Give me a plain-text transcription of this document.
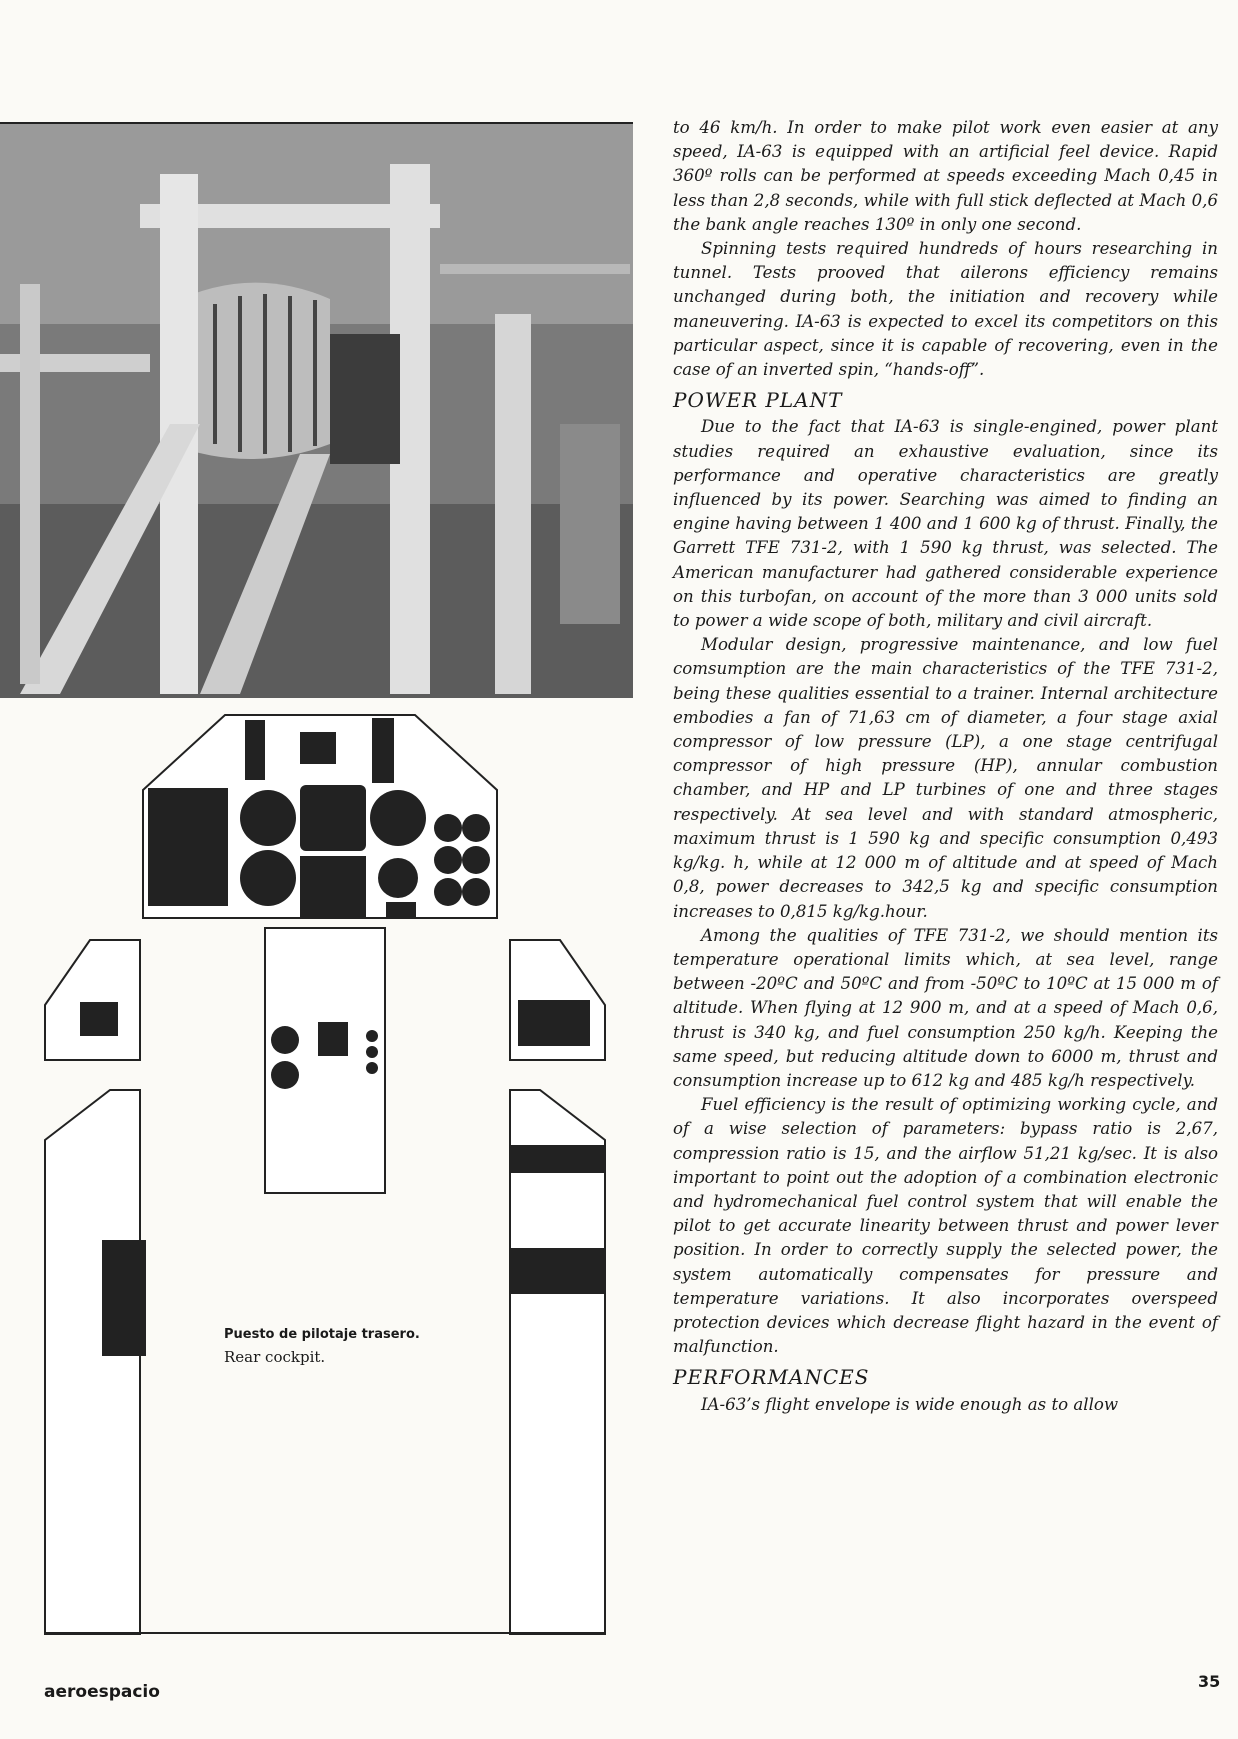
Puesto de pilotaje trasero.

Rear cockpit.

to 46 km/h. In order to make pilot work even easier at any speed, IA-63 is equipped with an artificial feel device. Rapid 360º rolls can be performed at speeds exceeding Mach 0,45 in less than 2,8 seconds, while with full stick deflected at Mach 0,6 the bank angle reaches 130º in only one second.

Spinning tests required hundreds of hours researching in tunnel. Tests prooved that ailerons efficiency remains unchanged during both, the initiation and recovery while maneuvering. IA-63 is expected to excel its competitors on this particular aspect, since it is capable of recovering, even in the case of an inverted spin, “hands-off”.

POWER PLANT

Due to the fact that IA-63 is single-engined, power plant studies required an exhaustive evaluation, since its performance and operative characteristics are greatly influenced by its power. Searching was aimed to finding an engine having between 1 400 and 1 600 kg of thrust. Finally, the Garrett TFE 731-2, with 1 590 kg thrust, was selected. The American manufacturer had gathered considerable experience on this turbofan, on account of the more than 3 000 units sold to power a wide scope of both, military and civil aircraft.

Modular design, progressive maintenance, and low fuel comsumption are the main characteristics of the TFE 731-2, being these qualities essential to a trainer. Internal architecture embodies a fan of 71,63 cm of diameter, a four stage axial compressor of low pressure (LP), a one stage centrifugal compressor of high pressure (HP), annular combustion chamber, and HP and LP turbines of one and three stages respectively. At sea level and with standard atmospheric, maximum thrust is 1 590 kg and specific consumption 0,493 kg/kg. h, while at 12 000 m of altitude and at speed of Mach 0,8, power decreases to 342,5 kg and specific consumption increases to 0,815 kg/kg.hour.

Among the qualities of TFE 731-2, we should mention its temperature operational limits which, at sea level, range between -20ºC and 50ºC and from -50ºC to 10ºC at 15 000 m of altitude. When flying at 12 900 m, and at a speed of Mach 0,6, thrust is 340 kg, and fuel consumption 250 kg/h. Keeping the same speed, but reducing altitude down to 6000 m, thrust and consumption increase up to 612 kg and 485 kg/h respectively.

Fuel efficiency is the result of optimizing working cycle, and of a wise selection of parameters: bypass ratio is 2,67, compression ratio is 15, and the airflow 51,21 kg/sec. It is also important to point out the adoption of a combination electronic and hydromechanical fuel control system that will enable the pilot to get accurate linearity between thrust and power lever position. In order to correctly supply the selected power, the system automatically compensates for pressure and temperature variations. It also incorporates overspeed protection devices which decrease flight hazard in the event of malfunction.

PERFORMANCES

IA-63’s flight envelope is wide enough as to allow

aeroespacio
35
